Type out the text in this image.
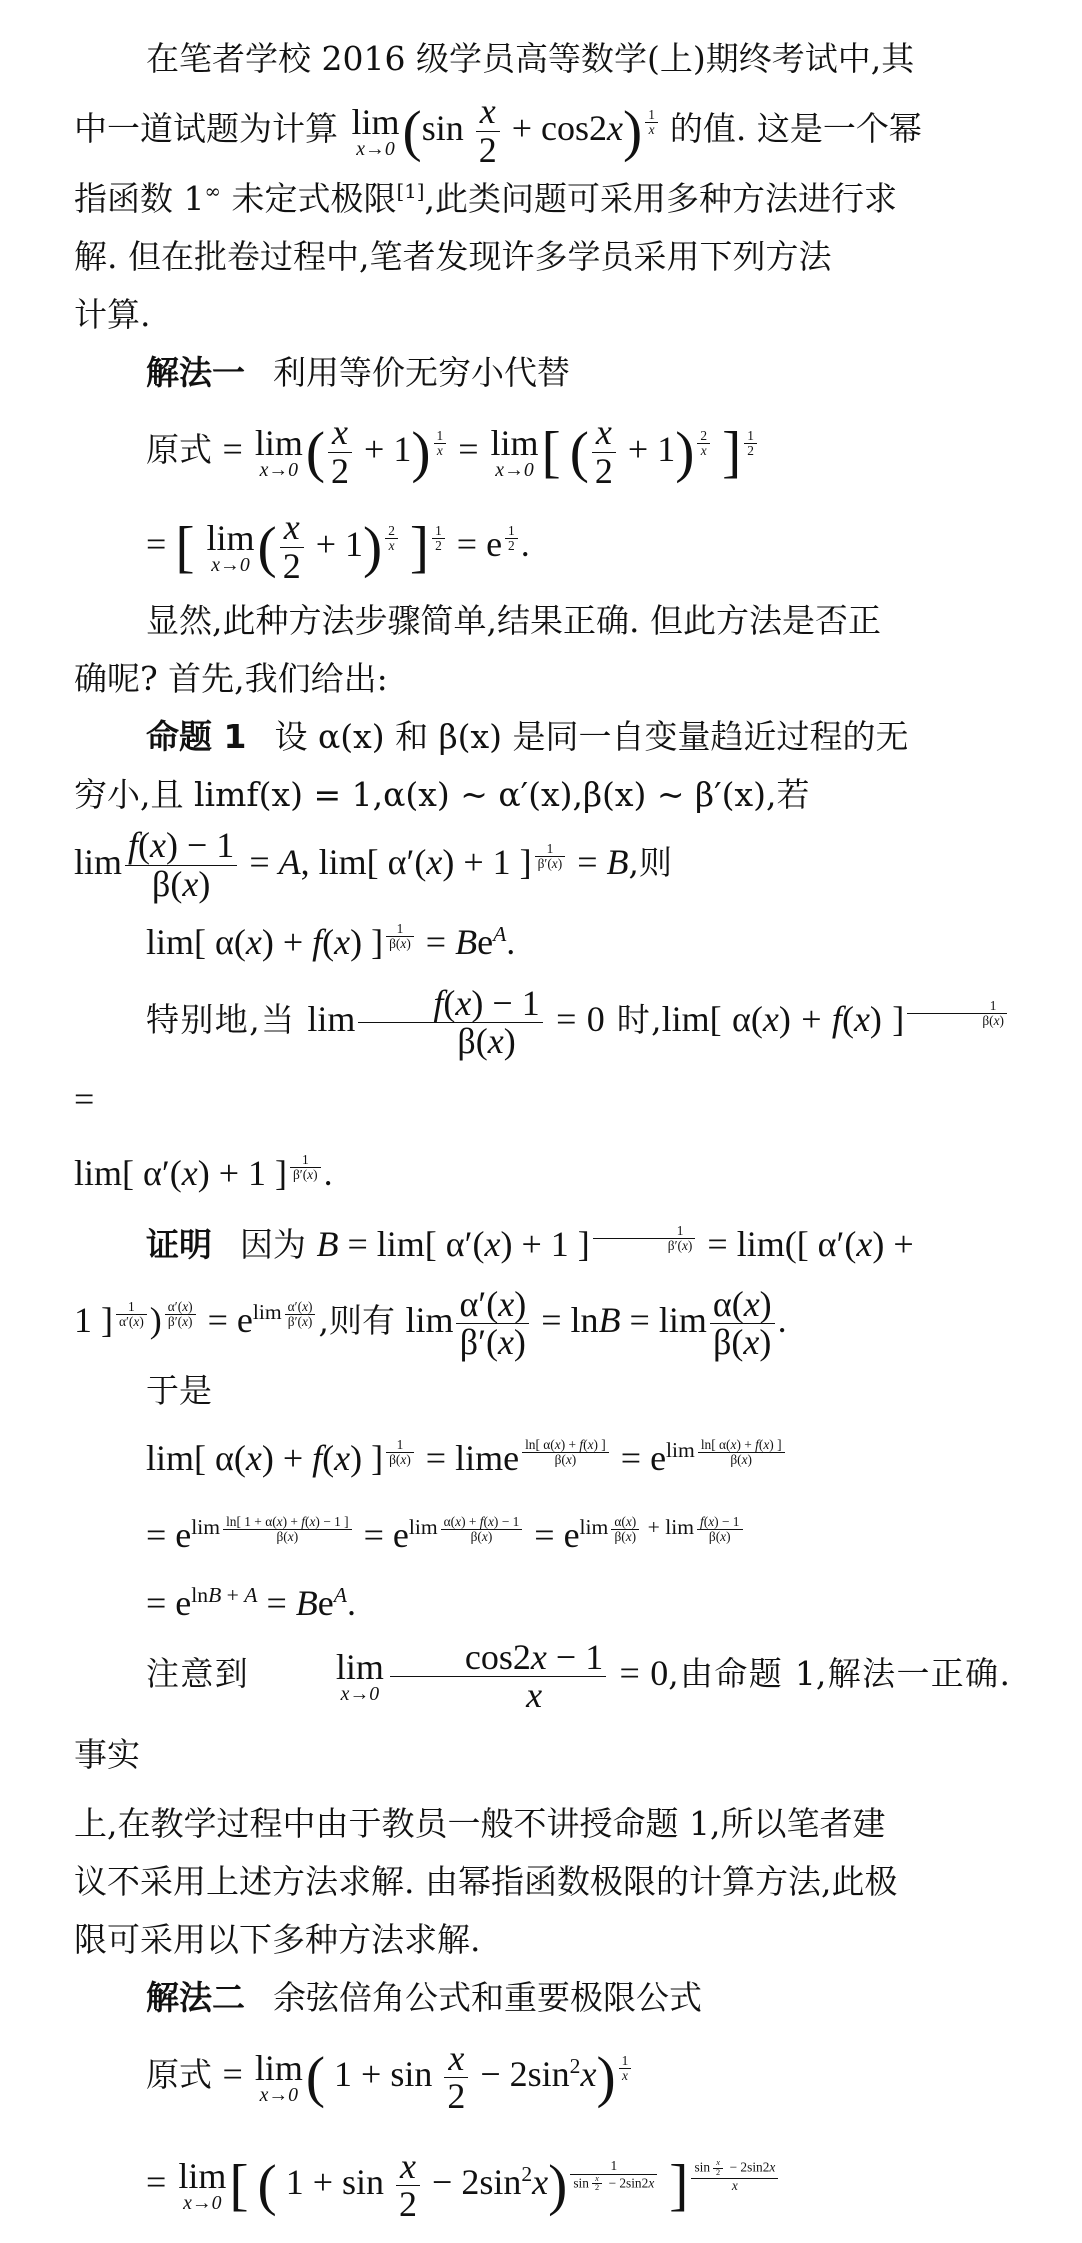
在笔者学校 2016 级学员高等数学(上)期终考试中,其

中一道试题为计算 lim
x→0 $(\sin \frac{x}{2} + \cos 2x)$ $^{\frac{1}{x}}$ 的值. 这是一个幂

指函数 1∞ 未定式极限[1],此类问题可采用多种方法进行求

解. 但在批卷过程中,笔者发现许多学员采用下列方法

计算.

解法一 利用等价无穷小代替

原式 = lim
x→0 ( $\frac{x}{2} + 1$) $^{\frac{1}{x}}$ = lim
x→0 [ ( $\frac{x}{2} + 1$) $^{\frac{2}{x}}$ ] $^{\frac{1}{2}}$
= [ lim
x→0 ( $\frac{x}{2} + 1$) $^{\frac{2}{x}}$ ] $^{\frac{1}{2}}$ = e $^{\frac{1}{2}}$ .

显然,此种方法步骤简单,结果正确. 但此方法是否正

确呢? 首先,我们给出:

命题 1 设 α(x) 和 β(x) 是同一自变量趋近过程的无

穷小,且 limf(x) = 1,α(x) ~ α′(x),β(x) ~ β′(x),若

$\lim \frac{f(x) - 1}{\beta(x)} = A$, lim[ α′(x) + 1 ] $^{\frac{1}{\beta'(x)}}$ = B,则

lim[ α(x) + f(x) ] $^{\frac{1}{\beta(x)}} = Be^A$.

特别地,当 $\lim \frac{f(x) - 1}{\beta(x)} = 0$ 时,lim[ α(x) + f(x) ] $^{\frac{1}{\beta(x)}}$
=

lim[ α′(x) + 1 ] $^{\frac{1}{\beta'(x)}}$ .

证明 因为 B = lim[ α′(x) + 1 ] $^{\frac{1}{\beta'(x)}}$ = lim([ α′(x) +

1 ] $^{\frac{1}{\alpha'(x)}}$ ) $^{\frac{\alpha'(x)}{\beta'(x)}} = e^{lim \frac{\alpha'(x)}{\beta'(x)}}$ ,则有 $\lim \frac{\alpha'(x)}{\beta'(x)} = \ln B = \lim \frac{\alpha(x)}{\beta(x)}$ .

于是

lim[ α(x) + f(x) ] $^{\frac{1}{\beta(x)}}$ = lime $^{\frac{\ln[ \alpha(x) + f(x) ]}{\beta(x)}} = e^{lim \frac{\ln[ \alpha(x) + f(x) ]}{\beta(x)}}$
= $e^{lim \frac{\ln[ 1 + \alpha(x) + f(x) - 1 ]}{\beta(x)}} = e^{lim \frac{\alpha(x) + f(x) - 1}{\beta(x)}} = e^{lim \frac{\alpha(x)}{\beta(x)} + lim \frac{f(x) - 1}{\beta(x)}}$
= $e^{lnB + A} = Be^A$.

注意到 lim
$x\to 0 \frac{\cos 2x - 1}{x} = 0$,由命题 1,解法一正确. 事实

上,在教学过程中由于教员一般不讲授命题 1,所以笔者建

议不采用上述方法求解. 由幂指函数极限的计算方法,此极

限可采用以下多种方法求解.

解法二 余弦倍角公式和重要极限公式

原式 = lim
x→0 ( $1 + \sin \frac{x}{2} - 2\sin^2x$) $^{\frac{1}{x}}$
= lim
x→0 [ ( $1 + \sin \frac{x}{2} - 2\sin^2x$) $^{\frac{1}{\sin \frac{x}{2} - 2\sin 2x}}$ ] $^{\frac{\sin \frac{x}{2} - 2\sin 2x}{x}}$
